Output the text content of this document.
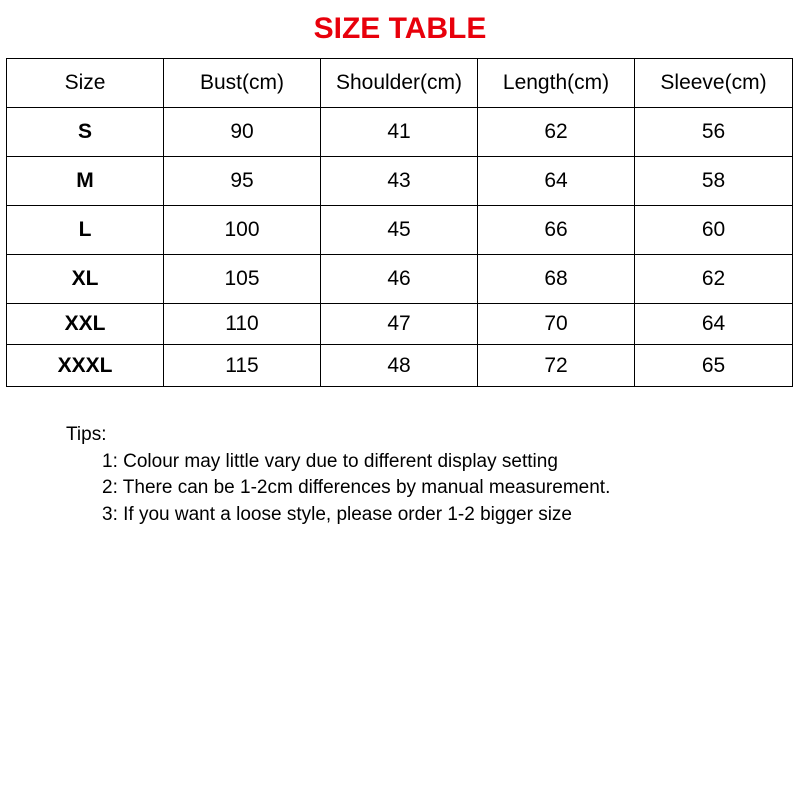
SIZE TABLE
Size	Bust(cm)	Shoulder(cm)	Length(cm)	Sleeve(cm)
S	90	41	62	56
M	95	43	64	58
L	100	45	66	60
XL	105	46	68	62
XXL	110	47	70	64
XXXL	115	48	72	65
Tips:
1: Colour may little vary due to different display setting
2: There can be 1-2cm differences by manual measurement.
3: If you want a loose style, please order 1-2 bigger size
